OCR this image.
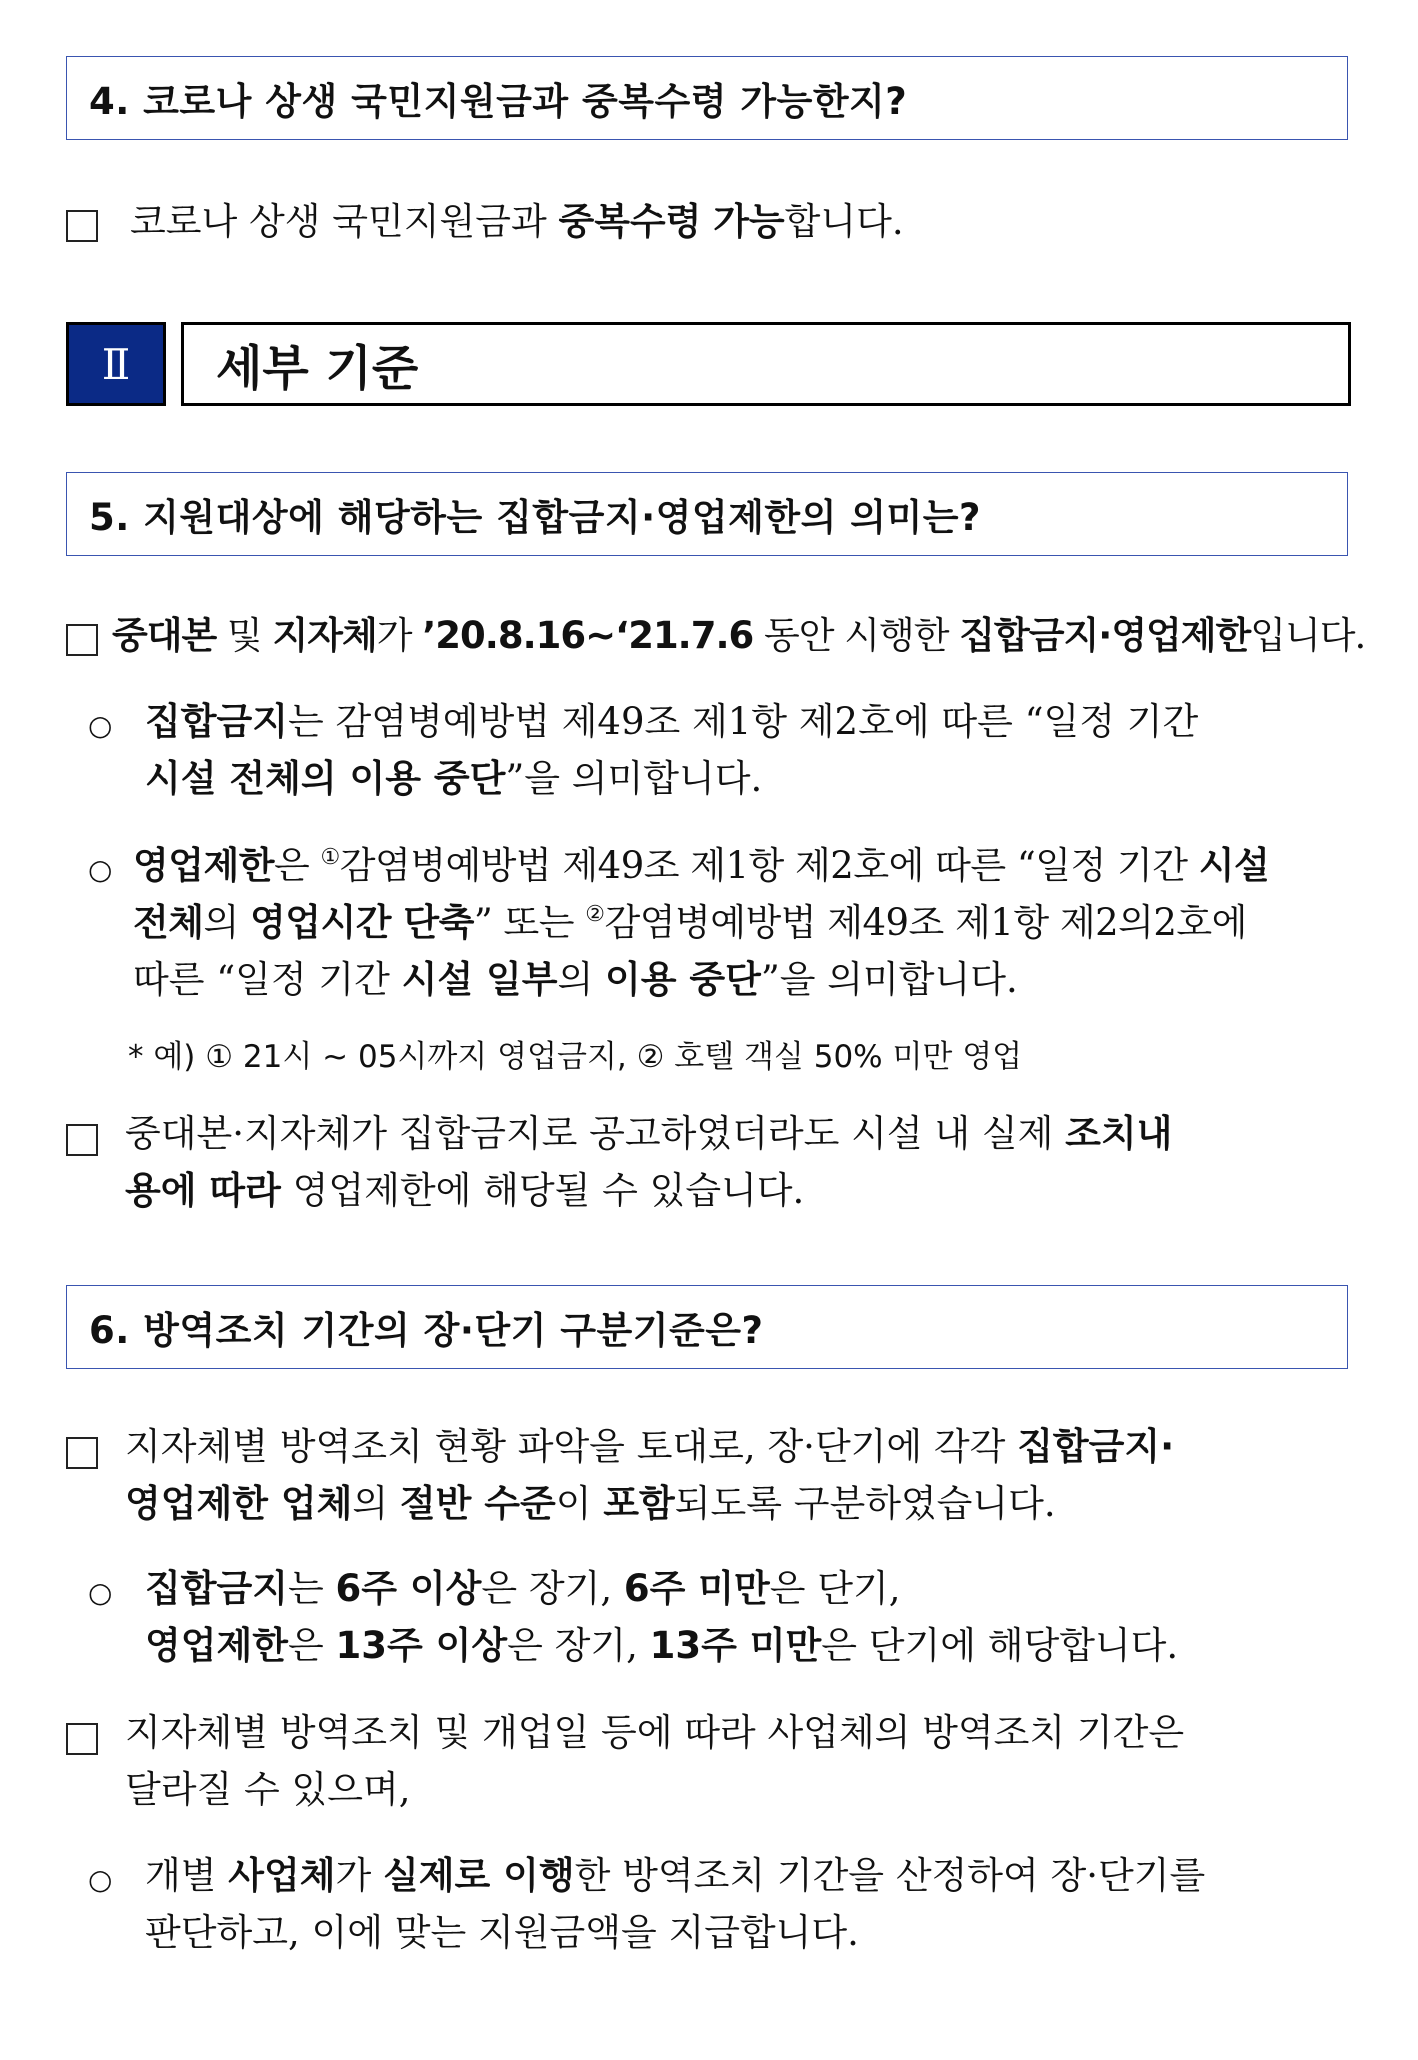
4. 코로나 상생 국민지원금과 중복수령 가능한지?
코로나 상생 국민지원금과 중복수령 가능합니다.
Ⅱ	세부 기준
5. 지원대상에 해당하는 집합금지·영업제한의 의미는?
중대본 및 지자체가 ’20.8.16~‘21.7.6 동안 시행한 집합금지·영업제한입니다.
○ 집합금지는 감염병예방법 제49조 제1항 제2호에 따른 “일정 기간
시설 전체의 이용 중단”을 의미합니다.
○ 영업제한은 ①감염병예방법 제49조 제1항 제2호에 따른 “일정 기간 시설
전체의 영업시간 단축” 또는 ②감염병예방법 제49조 제1항 제2의2호에
따른 “일정 기간 시설 일부의 이용 중단”을 의미합니다.
* 예) ① 21시 ~ 05시까지 영업금지, ② 호텔 객실 50% 미만 영업
중대본·지자체가 집합금지로 공고하였더라도 시설 내 실제 조치내
용에 따라 영업제한에 해당될 수 있습니다.
6. 방역조치 기간의 장·단기 구분기준은?
지자체별 방역조치 현황 파악을 토대로, 장·단기에 각각 집합금지·
영업제한 업체의 절반 수준이 포함되도록 구분하였습니다.
○ 집합금지는 6주 이상은 장기, 6주 미만은 단기,
영업제한은 13주 이상은 장기, 13주 미만은 단기에 해당합니다.
지자체별 방역조치 및 개업일 등에 따라 사업체의 방역조치 기간은
달라질 수 있으며,
○ 개별 사업체가 실제로 이행한 방역조치 기간을 산정하여 장·단기를
판단하고, 이에 맞는 지원금액을 지급합니다.
